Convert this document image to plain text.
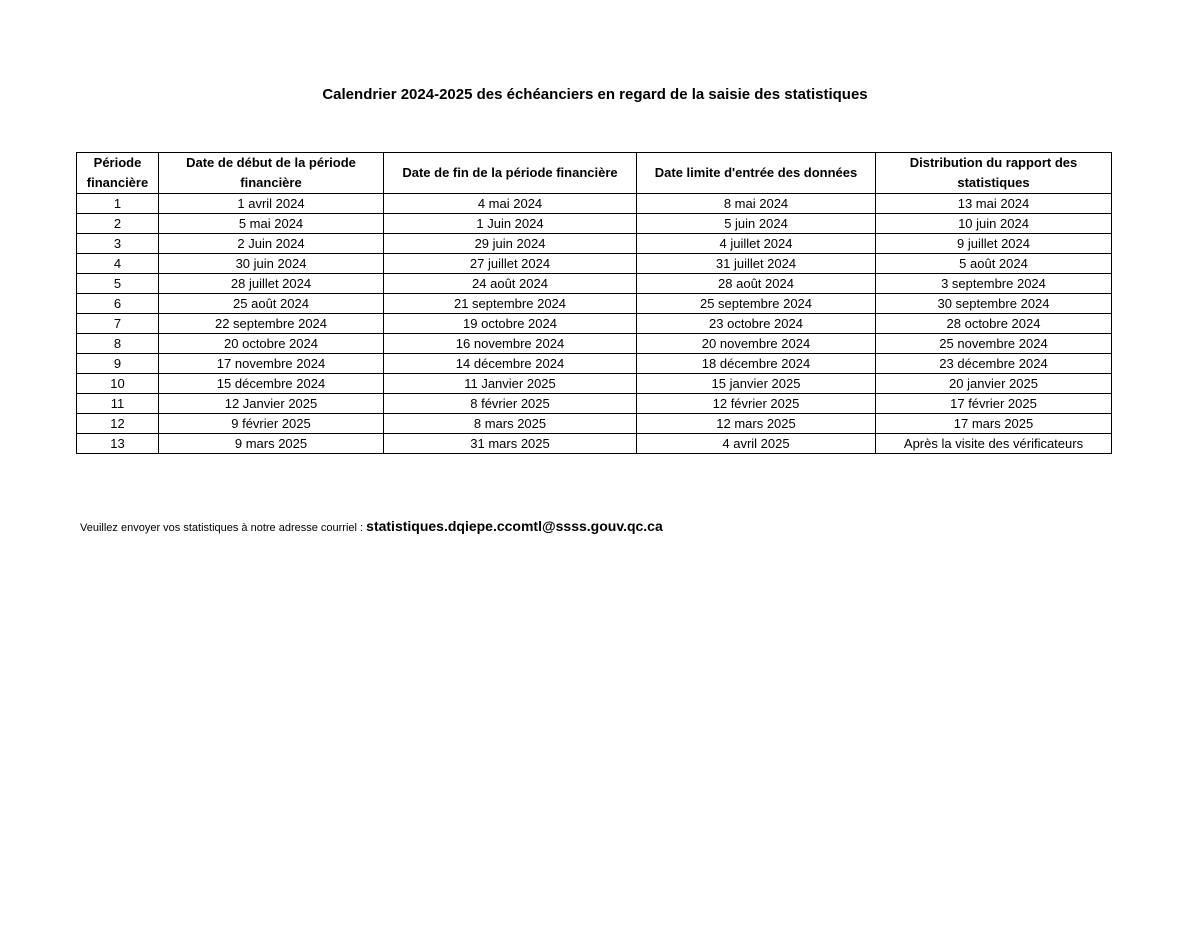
Calendrier 2024-2025 des échéanciers en regard de la saisie des statistiques
Période financière	Date de début de la période financière	Date de fin de la période financière	Date limite d'entrée des données	Distribution du rapport des statistiques
1	1 avril 2024	4 mai 2024	8 mai 2024	13 mai 2024
2	5 mai 2024	1 Juin 2024	5 juin 2024	10 juin 2024
3	2 Juin 2024	29 juin 2024	4 juillet 2024	9 juillet 2024
4	30 juin 2024	27 juillet 2024	31 juillet 2024	5 août 2024
5	28 juillet 2024	24 août 2024	28 août 2024	3 septembre 2024
6	25 août 2024	21 septembre 2024	25 septembre 2024	30 septembre 2024
7	22 septembre 2024	19 octobre 2024	23 octobre 2024	28 octobre 2024
8	20 octobre 2024	16 novembre 2024	20 novembre 2024	25 novembre 2024
9	17 novembre 2024	14 décembre 2024	18 décembre 2024	23 décembre 2024
10	15 décembre 2024	11 Janvier 2025	15 janvier 2025	20 janvier 2025
11	12 Janvier 2025	8 février 2025	12 février 2025	17 février 2025
12	9 février 2025	8 mars 2025	12 mars 2025	17 mars 2025
13	9 mars 2025	31 mars 2025	4 avril 2025	Après la visite des vérificateurs
Veuillez envoyer vos statistiques à notre adresse courriel : statistiques.dqiepe.ccomtl@ssss.gouv.qc.ca
